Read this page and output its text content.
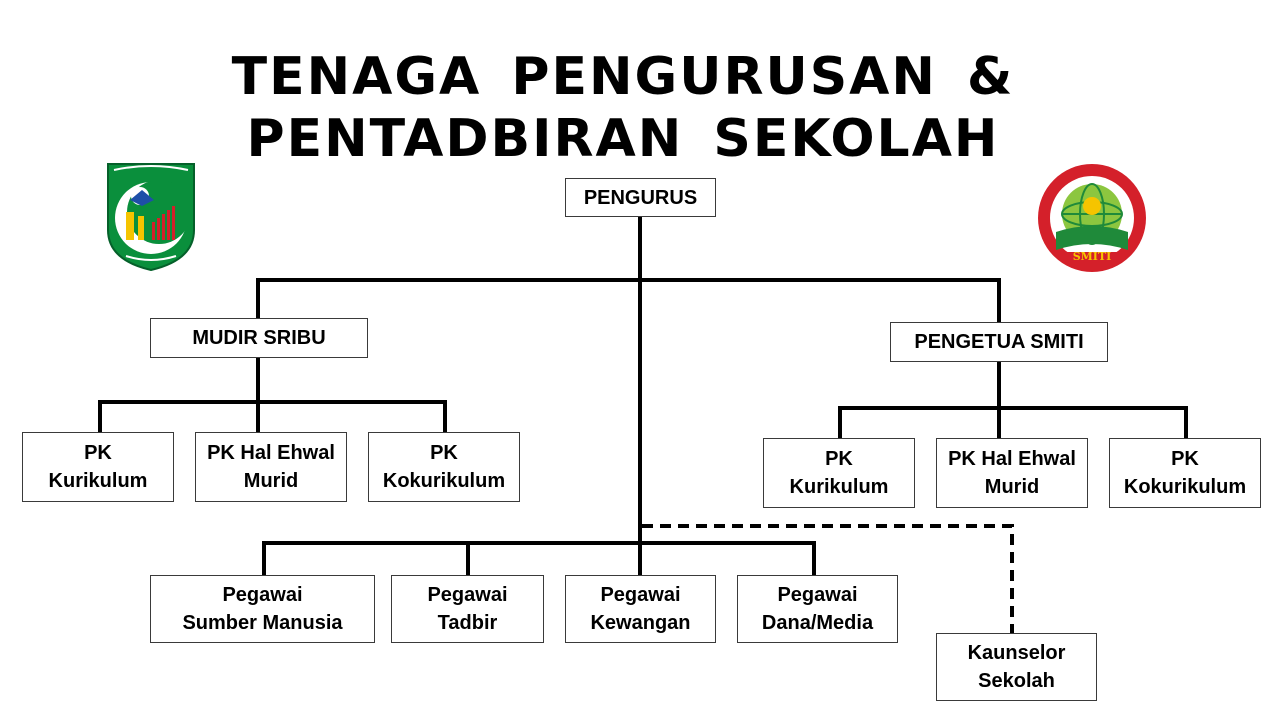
TENAGA PENGURUSAN &
PENTADBIRAN SEKOLAH
SMITI
PENGURUS
MUDIR SRIBU	PENGETUA SMITI
PK
Kurikulum
PK Hal Ehwal
Murid
PK
Kokurikulum
PK
Kurikulum
PK Hal Ehwal
Murid
PK
Kokurikulum
Pegawai
Sumber Manusia
Pegawai
Tadbir
Pegawai
Kewangan
Pegawai
Dana/Media
Kaunselor
Sekolah
